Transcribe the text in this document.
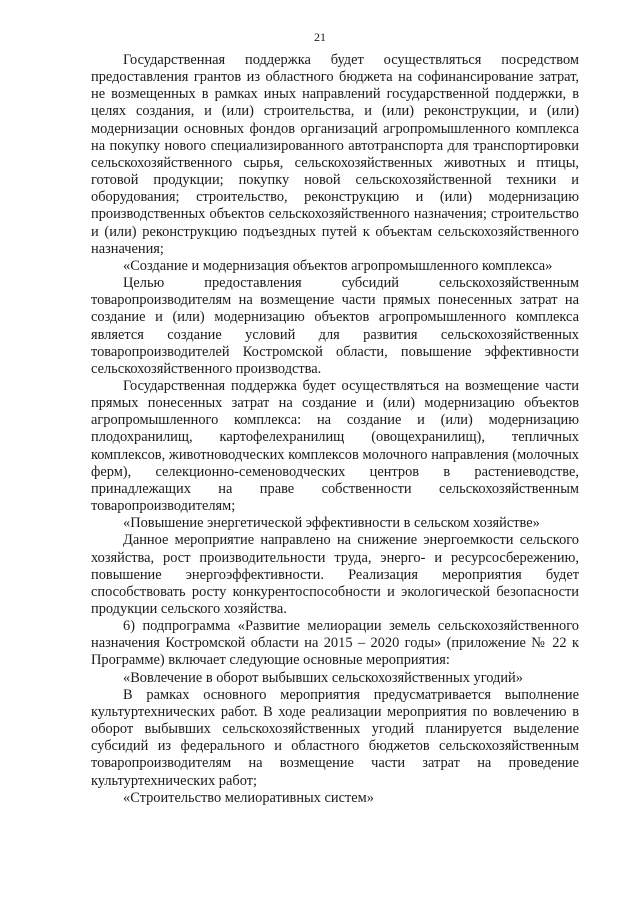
21

Государственная поддержка будет осуществляться посредством предоставления грантов из областного бюджета на софинансирование затрат, не возмещенных в рамках иных направлений государственной поддержки, в целях создания, и (или) строительства, и (или) реконструкции, и (или) модернизации основных фондов организаций агропромышленного комплекса на покупку нового специализированного автотранспорта для транспортировки сельскохозяйственного сырья, сельскохозяйственных животных и птицы, готовой продукции; покупку новой сельскохозяйственной техники и оборудования; строительство, реконструкцию и (или) модернизацию производственных объектов сельскохозяйственного назначения; строительство и (или) реконструкцию подъездных путей к объектам сельскохозяйственного назначения;

«Создание и модернизация объектов агропромышленного комплекса»

Целью предоставления субсидий сельскохозяйственным товаропроизводителям на возмещение части прямых понесенных затрат на создание и (или) модернизацию объектов агропромышленного комплекса является создание условий для развития сельскохозяйственных товаропроизводителей Костромской области, повышение эффективности сельскохозяйственного производства.

Государственная поддержка будет осуществляться на возмещение части прямых понесенных затрат на создание и (или) модернизацию объектов агропромышленного комплекса: на создание и (или) модернизацию плодохранилищ, картофелехранилищ (овощехранилищ), тепличных комплексов, животноводческих комплексов молочного направления (молочных ферм), селекционно-семеноводческих центров в растениеводстве, принадлежащих на праве собственности сельскохозяйственным товаропроизводителям;

«Повышение энергетической эффективности в сельском хозяйстве»

Данное мероприятие направлено на снижение энергоемкости сельского хозяйства, рост производительности труда, энерго- и ресурсосбережению, повышение энергоэффективности. Реализация мероприятия будет способствовать росту конкурентоспособности и экологической безопасности продукции сельского хозяйства.

6) подпрограмма «Развитие мелиорации земель сельскохозяйственного назначения Костромской области на 2015 – 2020 годы» (приложение № 22 к Программе) включает следующие основные мероприятия:

«Вовлечение в оборот выбывших сельскохозяйственных угодий»

В рамках основного мероприятия предусматривается выполнение культуртехнических работ. В ходе реализации мероприятия по вовлечению в оборот выбывших сельскохозяйственных угодий планируется выделение субсидий из федерального и областного бюджетов сельскохозяйственным товаропроизводителям на возмещение части затрат на проведение культуртехнических работ;

«Строительство мелиоративных систем»
